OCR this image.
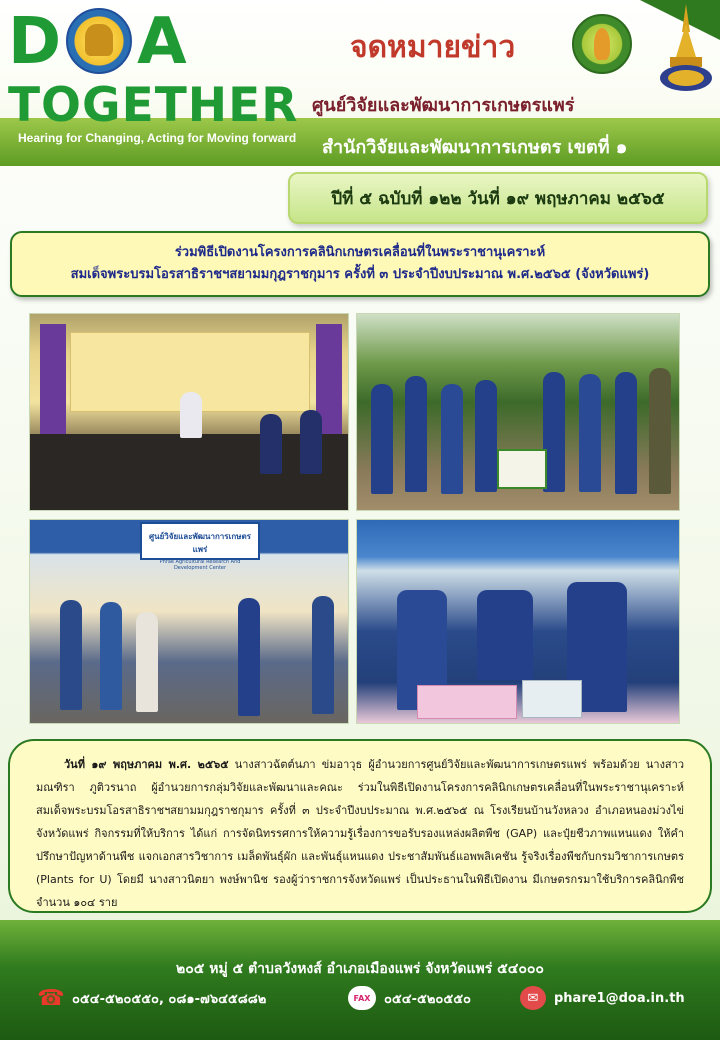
D A
TOGETHER
Hearing for Changing, Acting for Moving forward
จดหมายข่าว
ศูนย์วิจัยและพัฒนาการเกษตรแพร่
สำนักวิจัยและพัฒนาการเกษตร เขตที่ ๑
ปีที่ ๕ ฉบับที่ ๑๒๒ วันที่ ๑๙ พฤษภาคม ๒๕๖๕
ร่วมพิธีเปิดงานโครงการคลินิกเกษตรเคลื่อนที่ในพระราชานุเคราะห์
สมเด็จพระบรมโอรสาธิราชฯสยามมกุฎราชกุมาร ครั้งที่ ๓ ประจำปีงบประมาณ พ.ศ.๒๕๖๕ (จังหวัดแพร่)
ศูนย์วิจัยและพัฒนาการเกษตรแพร่
Phrae Agricultural Research And Development Center
วันที่ ๑๙ พฤษภาคม พ.ศ. ๒๕๖๕ นางสาวฉัตต์นภา ข่มอาวุธ ผู้อำนวยการศูนย์วิจัยและพัฒนาการเกษตรแพร่ พร้อมด้วย นางสาวมณฑิรา ภูติวรนาถ ผู้อำนวยการกลุ่มวิจัยและพัฒนาและคณะ ร่วมในพิธีเปิดงานโครงการคลินิกเกษตรเคลื่อนที่ในพระราชานุเคราะห์ สมเด็จพระบรมโอรสาธิราชฯสยามมกุฎราชกุมาร ครั้งที่ ๓ ประจำปีงบประมาณ พ.ศ.๒๕๖๕ ณ โรงเรียนบ้านวังหลวง อำเภอหนองม่วงไข่ จังหวัดแพร่ กิจกรรมที่ให้บริการ ได้แก่ การจัดนิทรรศการให้ความรู้เรื่องการขอรับรองแหล่งผลิตพืช (GAP) และปุ๋ยชีวภาพแหนแดง ให้คำปรึกษาปัญหาด้านพืช แจกเอกสารวิชาการ เมล็ดพันธุ์ผัก และพันธุ์แหนแดง ประชาสัมพันธ์แอพพลิเคชัน รู้จริงเรื่องพืชกับกรมวิชาการเกษตร (Plants for U) โดยมี นางสาวนิตยา พงษ์พานิช รองผู้ว่าราชการจังหวัดแพร่ เป็นประธานในพิธีเปิดงาน มีเกษตรกรมาใช้บริการคลินิกพืช จำนวน ๑๐๔ ราย
๒๐๕ หมู่ ๕ ตำบลวังหงส์ อำเภอเมืองแพร่ จังหวัดแพร่ ๕๔๐๐๐
☎ ๐๕๔-๕๒๐๕๕๐, ๐๘๑-๗๖๔๕๘๘๒	FAX	๐๕๔-๕๒๐๕๕๐	✉	phare1@doa.in.th
